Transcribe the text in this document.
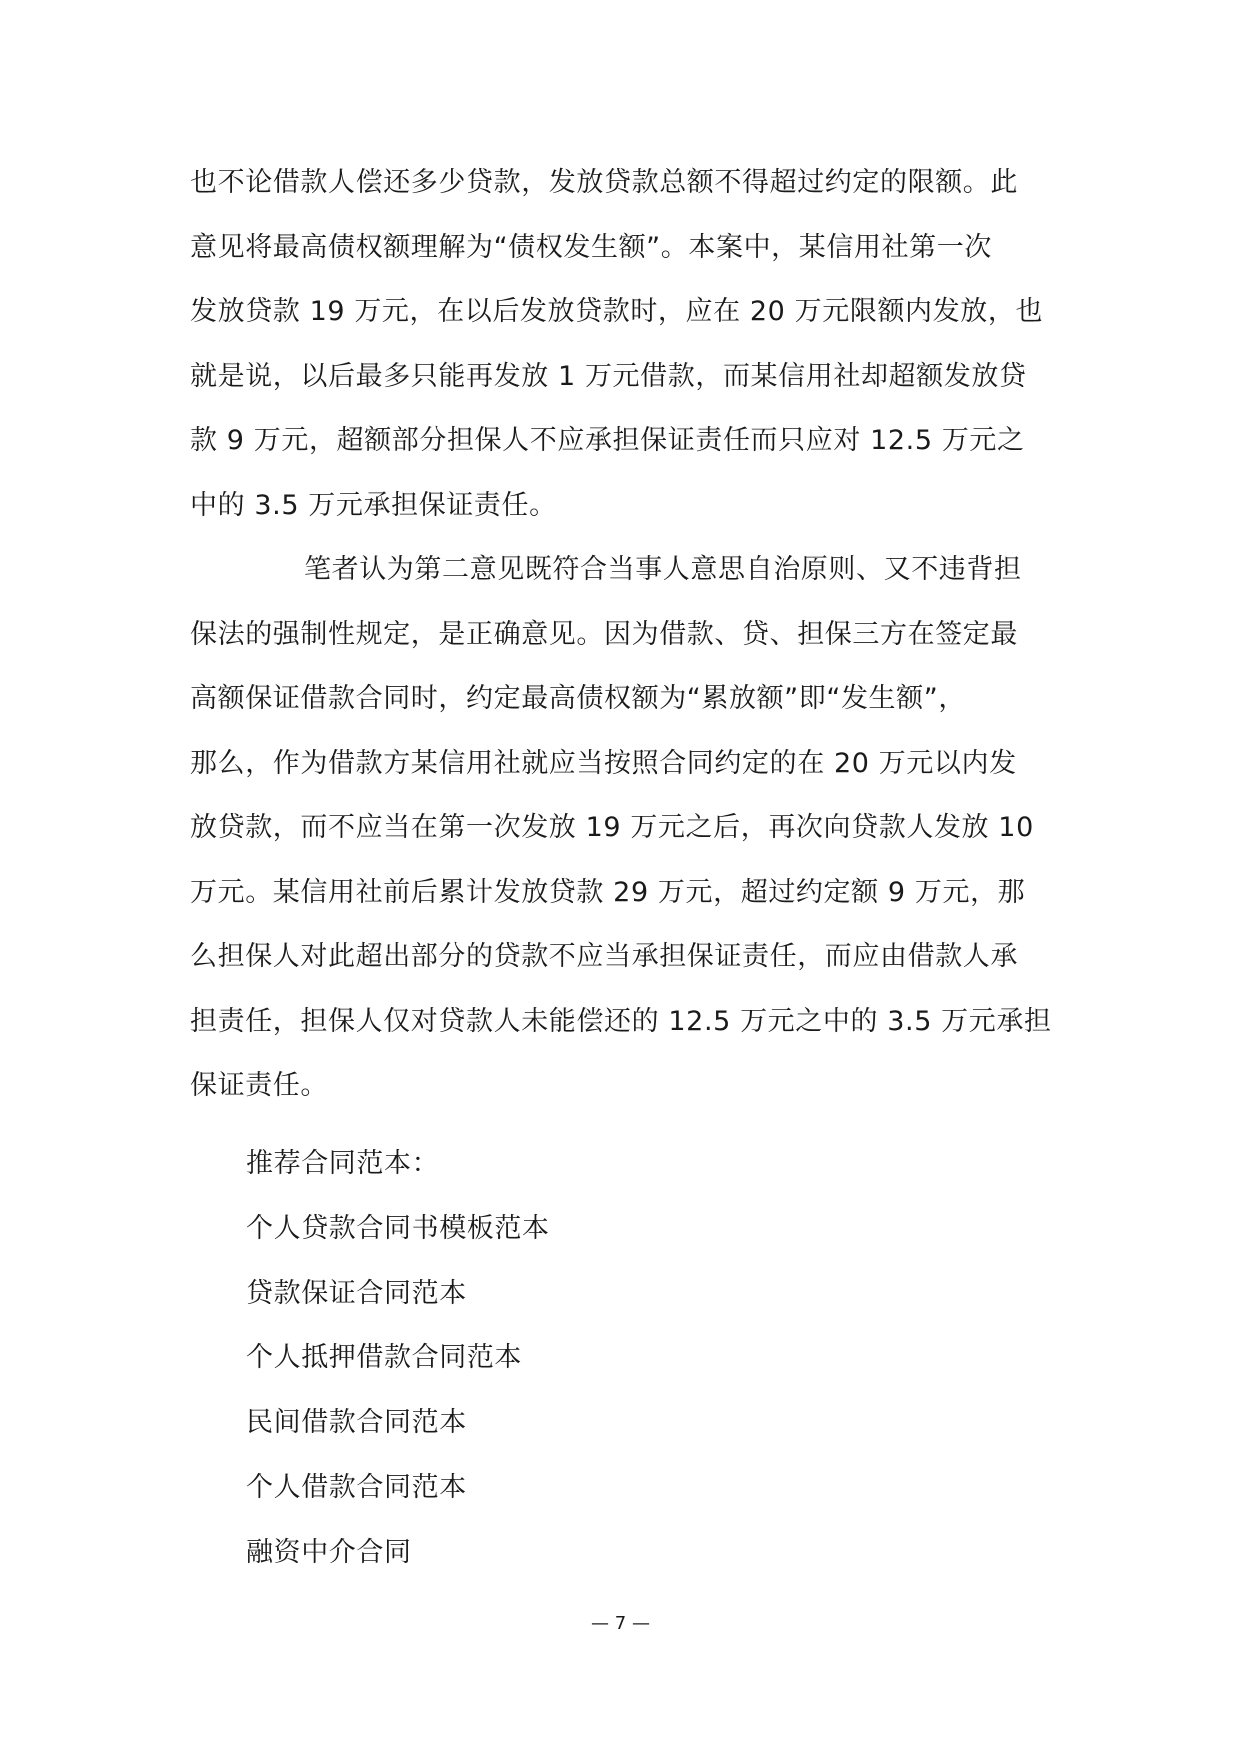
也不论借款人偿还多少贷款，发放贷款总额不得超过约定的限额。此
意见将最高债权额理解为“债权发生额”。本案中，某信用社第一次
发放贷款 19 万元，在以后发放贷款时，应在 20 万元限额内发放，也
就是说，以后最多只能再发放 1 万元借款，而某信用社却超额发放贷
款 9 万元，超额部分担保人不应承担保证责任而只应对 12.5 万元之
中的 3.5 万元承担保证责任。
笔者认为第二意见既符合当事人意思自治原则、又不违背担
保法的强制性规定，是正确意见。因为借款、贷、担保三方在签定最
高额保证借款合同时，约定最高债权额为“累放额”即“发生额”，
那么，作为借款方某信用社就应当按照合同约定的在 20 万元以内发
放贷款，而不应当在第一次发放 19 万元之后，再次向贷款人发放 10
万元。某信用社前后累计发放贷款 29 万元，超过约定额 9 万元，那
么担保人对此超出部分的贷款不应当承担保证责任，而应由借款人承
担责任，担保人仅对贷款人未能偿还的 12.5 万元之中的 3.5 万元承担
保证责任。
推荐合同范本：
个人贷款合同书模板范本
贷款保证合同范本
个人抵押借款合同范本
民间借款合同范本
个人借款合同范本
融资中介合同
— 7 —
